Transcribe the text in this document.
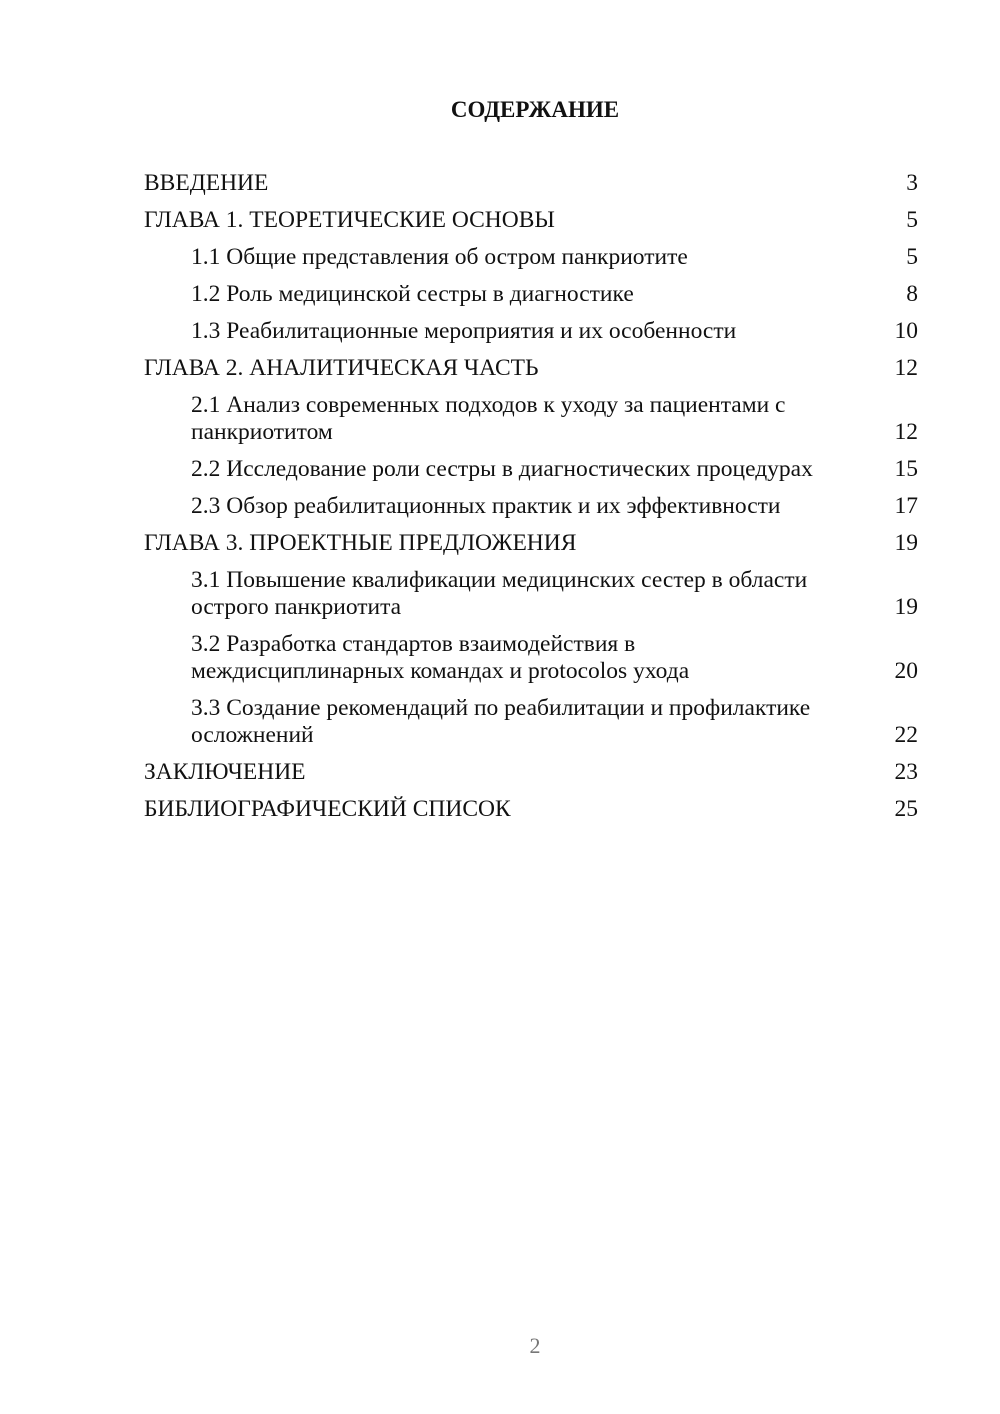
СОДЕРЖАНИЕ
ВВЕДЕНИЕ	3
ГЛАВА 1. ТЕОРЕТИЧЕСКИЕ ОСНОВЫ	5
1.1 Общие представления об остром панкриотите	5
1.2 Роль медицинской сестры в диагностике	8
1.3 Реабилитационные мероприятия и их особенности	10
ГЛАВА 2. АНАЛИТИЧЕСКАЯ ЧАСТЬ	12
2.1 Анализ современных подходов к уходу за пациентами с панкриотитом	12
2.2 Исследование роли сестры в диагностических процедурах	15
2.3 Обзор реабилитационных практик и их эффективности	17
ГЛАВА 3. ПРОЕКТНЫЕ ПРЕДЛОЖЕНИЯ	19
3.1 Повышение квалификации медицинских сестер в области острого панкриотита	19
3.2 Разработка стандартов взаимодействия в междисциплинарных командах и protocolos ухода	20
3.3 Создание рекомендаций по реабилитации и профилактике осложнений	22
ЗАКЛЮЧЕНИЕ	23
БИБЛИОГРАФИЧЕСКИЙ СПИСОК	25
2
